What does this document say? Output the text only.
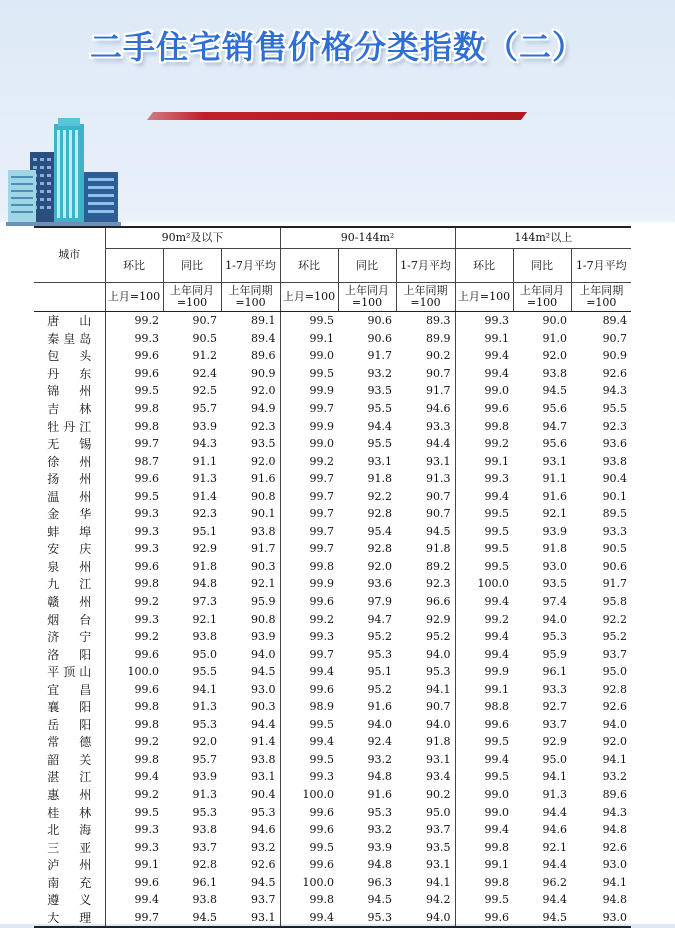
二手住宅销售价格分类指数（二）
城市	90m²及以下			90-144m²			144m²以上		
	环比	同比	1-7月平均	环比	同比	1-7月平均	环比	同比	1-7月平均
	上月=100	上年同月=100	上年同期=100	上月=100	上年同月=100	上年同期=100	上月=100	上年同月=100	上年同期=100
唐山	99.2	90.7	89.1	99.5	90.6	89.3	99.3	90.0	89.4
秦皇岛	99.3	90.5	89.4	99.1	90.6	89.9	99.1	91.0	90.7
包头	99.6	91.2	89.6	99.0	91.7	90.2	99.4	92.0	90.9
丹东	99.6	92.4	90.9	99.5	93.2	90.7	99.4	93.8	92.6
锦州	99.5	92.5	92.0	99.9	93.5	91.7	99.0	94.5	94.3
吉林	99.8	95.7	94.9	99.7	95.5	94.6	99.6	95.6	95.5
牡丹江	99.8	93.9	92.3	99.9	94.4	93.3	99.8	94.7	92.3
无锡	99.7	94.3	93.5	99.0	95.5	94.4	99.2	95.6	93.6
徐州	98.7	91.1	92.0	99.2	93.1	93.1	99.1	93.1	93.8
扬州	99.6	91.3	91.6	99.7	91.8	91.3	99.3	91.1	90.4
温州	99.5	91.4	90.8	99.7	92.2	90.7	99.4	91.6	90.1
金华	99.3	92.3	90.1	99.7	92.8	90.7	99.5	92.1	89.5
蚌埠	99.3	95.1	93.8	99.7	95.4	94.5	99.5	93.9	93.3
安庆	99.3	92.9	91.7	99.7	92.8	91.8	99.5	91.8	90.5
泉州	99.6	91.8	90.3	99.8	92.0	89.2	99.5	93.0	90.6
九江	99.8	94.8	92.1	99.9	93.6	92.3	100.0	93.5	91.7
赣州	99.2	97.3	95.9	99.6	97.9	96.6	99.4	97.4	95.8
烟台	99.3	92.1	90.8	99.2	94.7	92.9	99.2	94.0	92.2
济宁	99.2	93.8	93.9	99.3	95.2	95.2	99.4	95.3	95.2
洛阳	99.6	95.0	94.0	99.7	95.3	94.0	99.4	95.9	93.7
平顶山	100.0	95.5	94.5	99.4	95.1	95.3	99.9	96.1	95.0
宜昌	99.6	94.1	93.0	99.6	95.2	94.1	99.1	93.3	92.8
襄阳	99.8	91.3	90.3	98.9	91.6	90.7	98.8	92.7	92.6
岳阳	99.8	95.3	94.4	99.5	94.0	94.0	99.6	93.7	94.0
常德	99.2	92.0	91.4	99.4	92.4	91.8	99.5	92.9	92.0
韶关	99.8	95.7	93.8	99.5	93.2	93.1	99.4	95.0	94.1
湛江	99.4	93.9	93.1	99.3	94.8	93.4	99.5	94.1	93.2
惠州	99.2	91.3	90.4	100.0	91.6	90.2	99.0	91.3	89.6
桂林	99.5	95.3	95.3	99.6	95.3	95.0	99.0	94.4	94.3
北海	99.3	93.8	94.6	99.6	93.2	93.7	99.4	94.6	94.8
三亚	99.3	93.7	93.2	99.5	93.9	93.5	99.8	92.1	92.6
泸州	99.1	92.8	92.6	99.6	94.8	93.1	99.1	94.4	93.0
南充	99.6	96.1	94.5	100.0	96.3	94.1	99.8	96.2	94.1
遵义	99.4	93.8	93.7	99.8	94.5	94.2	99.5	94.4	94.8
大理	99.7	94.5	93.1	99.4	95.3	94.0	99.6	94.5	93.0
